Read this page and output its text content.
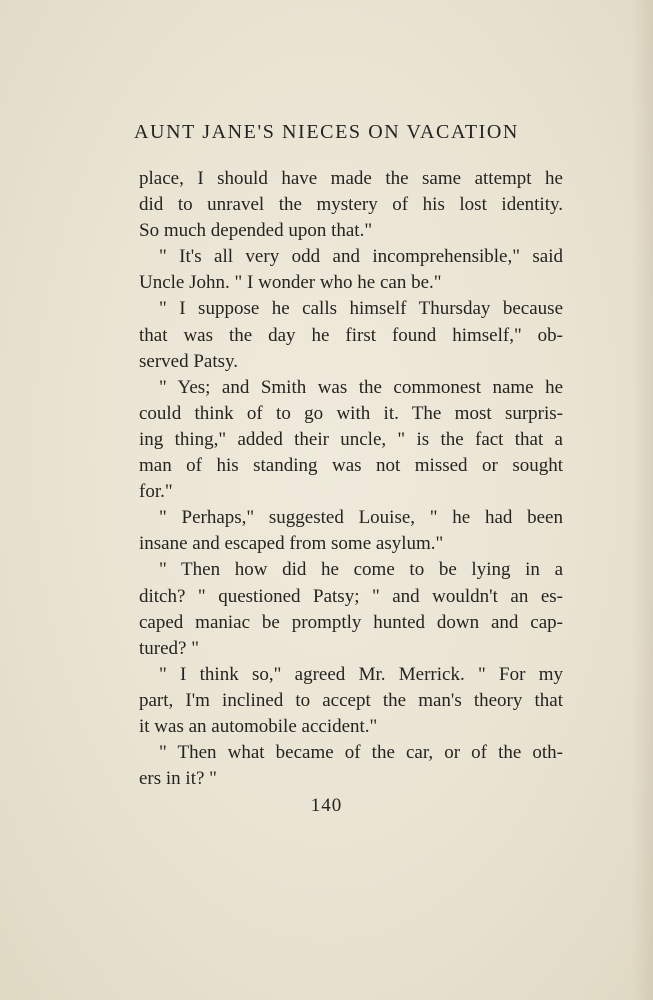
AUNT JANE'S NIECES ON VACATION
place, I should have made the same attempt he
did to unravel the mystery of his lost identity.
So much depended upon that."
" It's all very odd and incomprehensible," said
Uncle John. " I wonder who he can be."
" I suppose he calls himself Thursday because
that was the day he first found himself," ob-
served Patsy.
" Yes; and Smith was the commonest name he
could think of to go with it. The most surpris-
ing thing," added their uncle, " is the fact that a
man of his standing was not missed or sought
for."
" Perhaps," suggested Louise, " he had been
insane and escaped from some asylum."
" Then how did he come to be lying in a
ditch? " questioned Patsy; " and wouldn't an es-
caped maniac be promptly hunted down and cap-
tured? "
" I think so," agreed Mr. Merrick. " For my
part, I'm inclined to accept the man's theory that
it was an automobile accident."
" Then what became of the car, or of the oth-
ers in it? "
140
